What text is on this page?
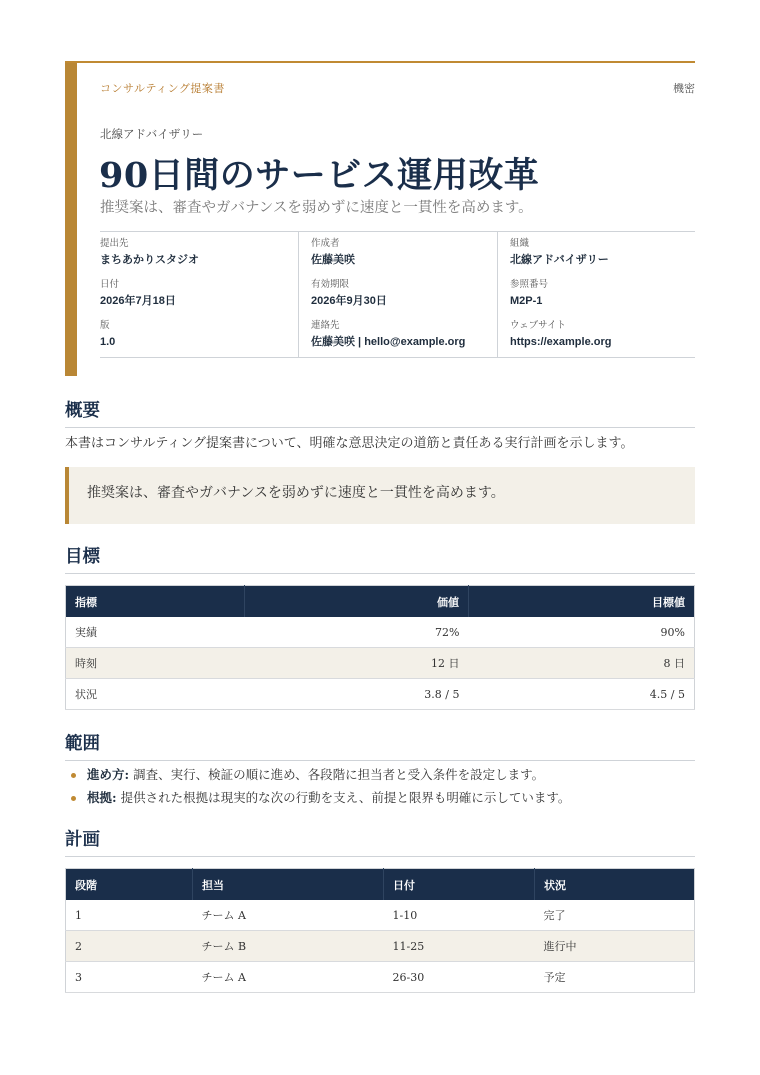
コンサルティング提案書	機密
北線アドバイザリー
90日間のサービス運用改革
推奨案は、審査やガバナンスを弱めずに速度と一貫性を高めます。
提出先
まちあかりスタジオ
日付
2026年7月18日
版
1.0
作成者
佐藤美咲
有効期限
2026年9月30日
連絡先
佐藤美咲 | hello@example.org
組織
北線アドバイザリー
参照番号
M2P-1
ウェブサイト
https://example.org
概要
本書はコンサルティング提案書について、明確な意思決定の道筋と責任ある実行計画を示します。
推奨案は、審査やガバナンスを弱めずに速度と一貫性を高めます。
目標
指標	価値	目標値
実績	72%	90%
時刻	12 日	8 日
状況	3.8 / 5	4.5 / 5
範囲
進め方: 調査、実行、検証の順に進め、各段階に担当者と受入条件を設定します。
根拠: 提供された根拠は現実的な次の行動を支え、前提と限界も明確に示しています。
計画
段階	担当	日付	状況
1	チーム A	1-10	完了
2	チーム B	11-25	進行中
3	チーム A	26-30	予定
